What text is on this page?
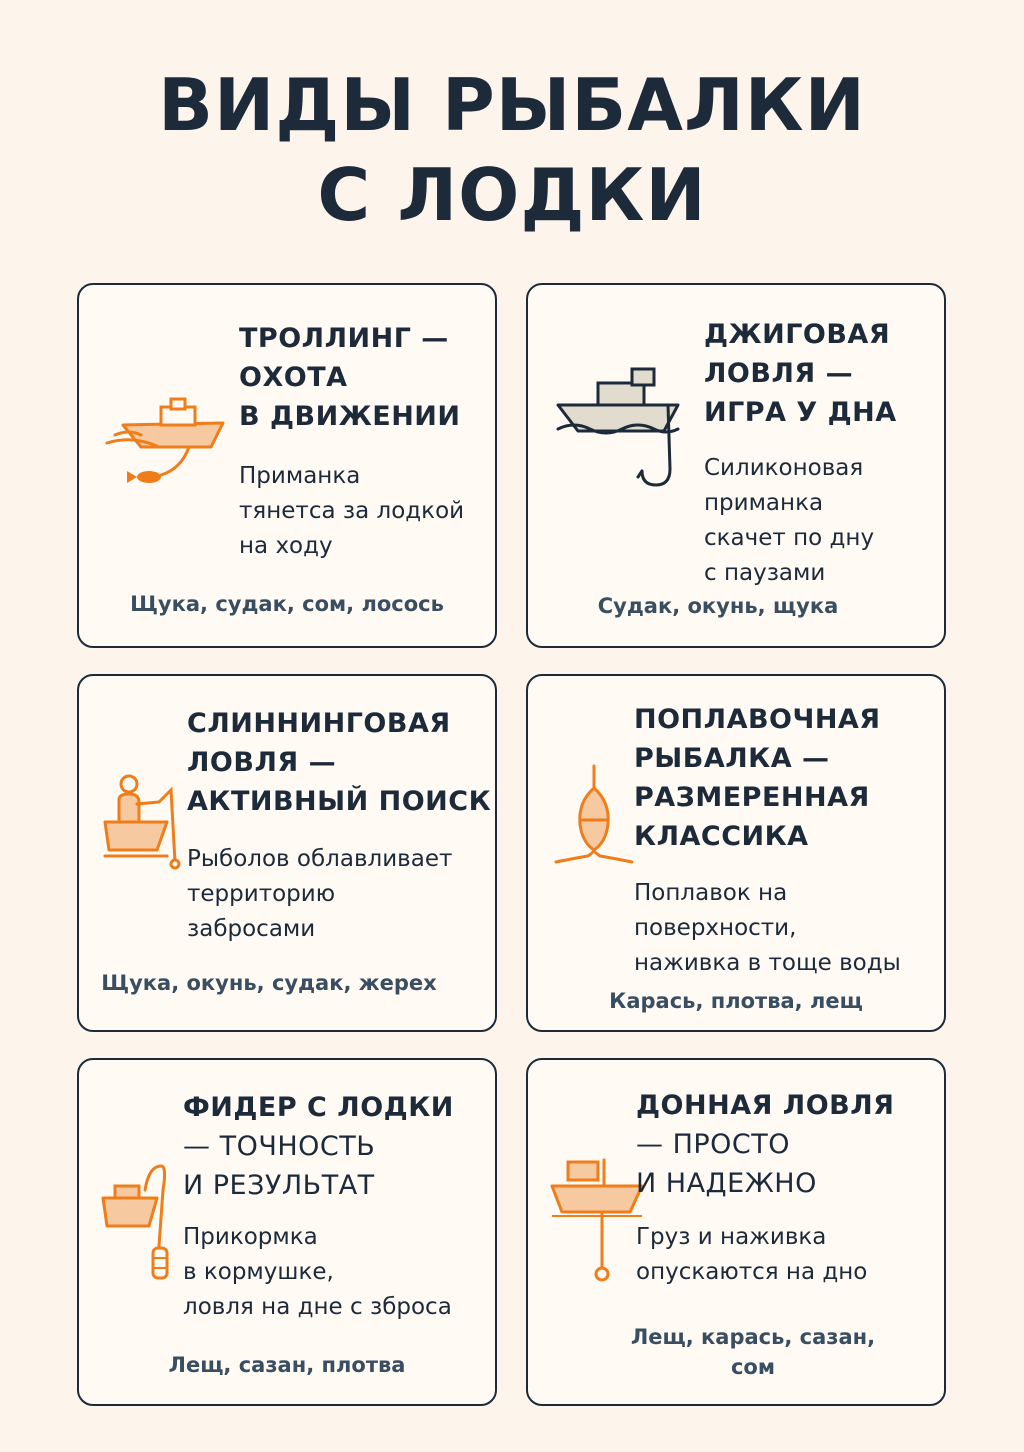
ВИДЫ РЫБАЛКИ
С ЛОДКИ
ТРОЛЛИНГ —
ОХОТА
В ДВИЖЕНИИ
Приманка
тянетса за лодкой
на ходу
Щука, судак, сом, лосось
ДЖИГОВАЯ
ЛОВЛЯ —
ИГРА У ДНА
Силиконовая
приманка
скачет по дну
с паузами
Судак, окунь, щука
СЛИННИНГОВАЯ
ЛОВЛЯ —
АКТИВНЫЙ ПОИСК
Рыболов облавливает
территорию
забросами
Щука, окунь, судак, жерех
ПОПЛАВОЧНАЯ
РЫБАЛКА —
РАЗМЕРЕННАЯ
КЛАССИКА
Поплавок на
поверхности,
наживка в тоще воды
Карась, плотва, лещ
ФИДЕР С ЛОДКИ
— ТОЧНОСТЬ
И РЕЗУЛЬТАТ
Прикормка
в кормушке,
ловля на дне с зброса
Лещ, сазан, плотва
ДОННАЯ ЛОВЛЯ
— ПРОСТО
И НАДЕЖНО
Груз и наживка
опускаются на дно
Лещ, карась, сазан, сом
